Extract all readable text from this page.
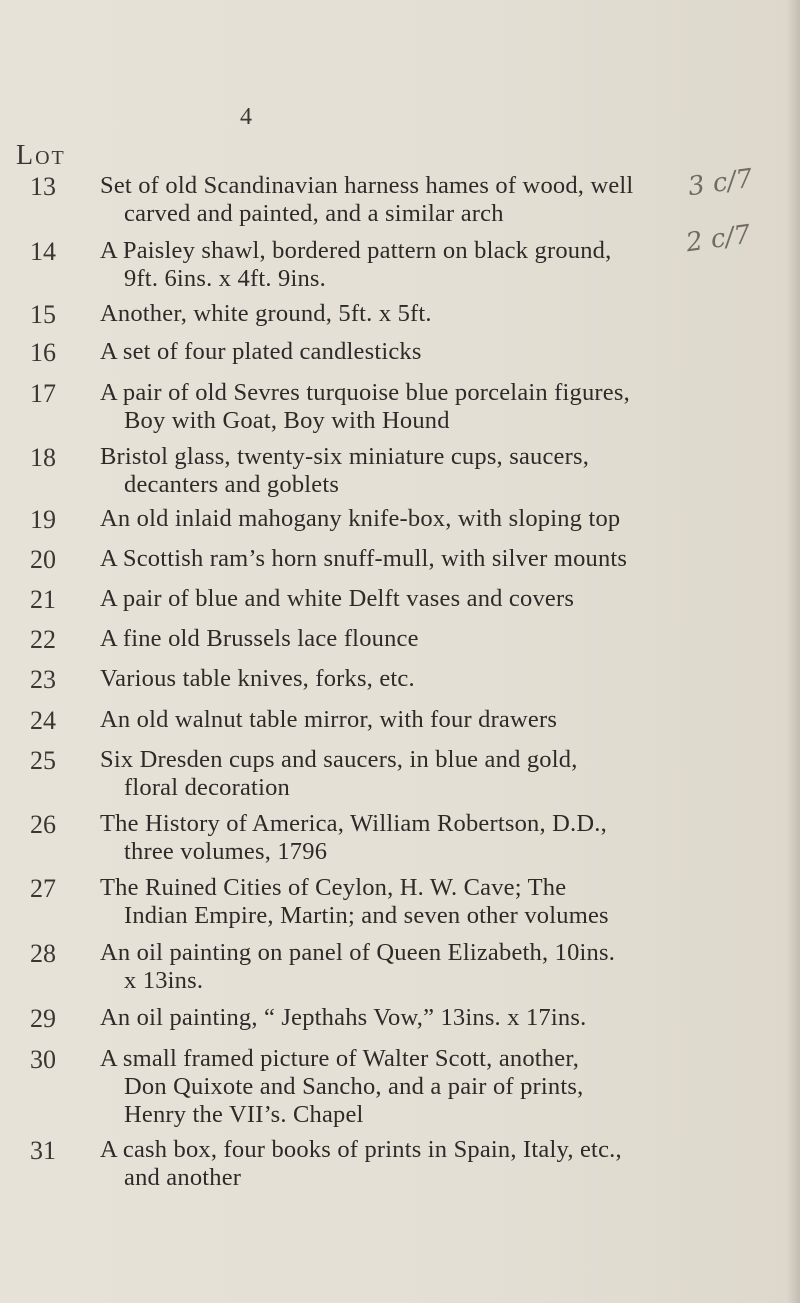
4
Lot
3 c/7
2 c/7
13	Set of old Scandinavian harness hames of wood, well
carved and painted, and a similar arch
14	A Paisley shawl, bordered pattern on black ground,
9ft. 6ins. x 4ft. 9ins.
15	Another, white ground, 5ft. x 5ft.
16	A set of four plated candlesticks
17	A pair of old Sevres turquoise blue porcelain figures,
Boy with Goat, Boy with Hound
18	Bristol glass, twenty-six miniature cups, saucers,
decanters and goblets
19	An old inlaid mahogany knife-box, with sloping top
20	A Scottish ram’s horn snuff-mull, with silver mounts
21	A pair of blue and white Delft vases and covers
22	A fine old Brussels lace flounce
23	Various table knives, forks, etc.
24	An old walnut table mirror, with four drawers
25	Six Dresden cups and saucers, in blue and gold,
floral decoration
26	The History of America, William Robertson, D.D.,
three volumes, 1796
27	The Ruined Cities of Ceylon, H. W. Cave; The
Indian Empire, Martin; and seven other volumes
28	An oil painting on panel of Queen Elizabeth, 10ins.
x 13ins.
29	An oil painting, “ Jepthahs Vow,” 13ins. x 17ins.
30	A small framed picture of Walter Scott, another,
Don Quixote and Sancho, and a pair of prints,
Henry the VII’s. Chapel
31	A cash box, four books of prints in Spain, Italy, etc.,
and another
